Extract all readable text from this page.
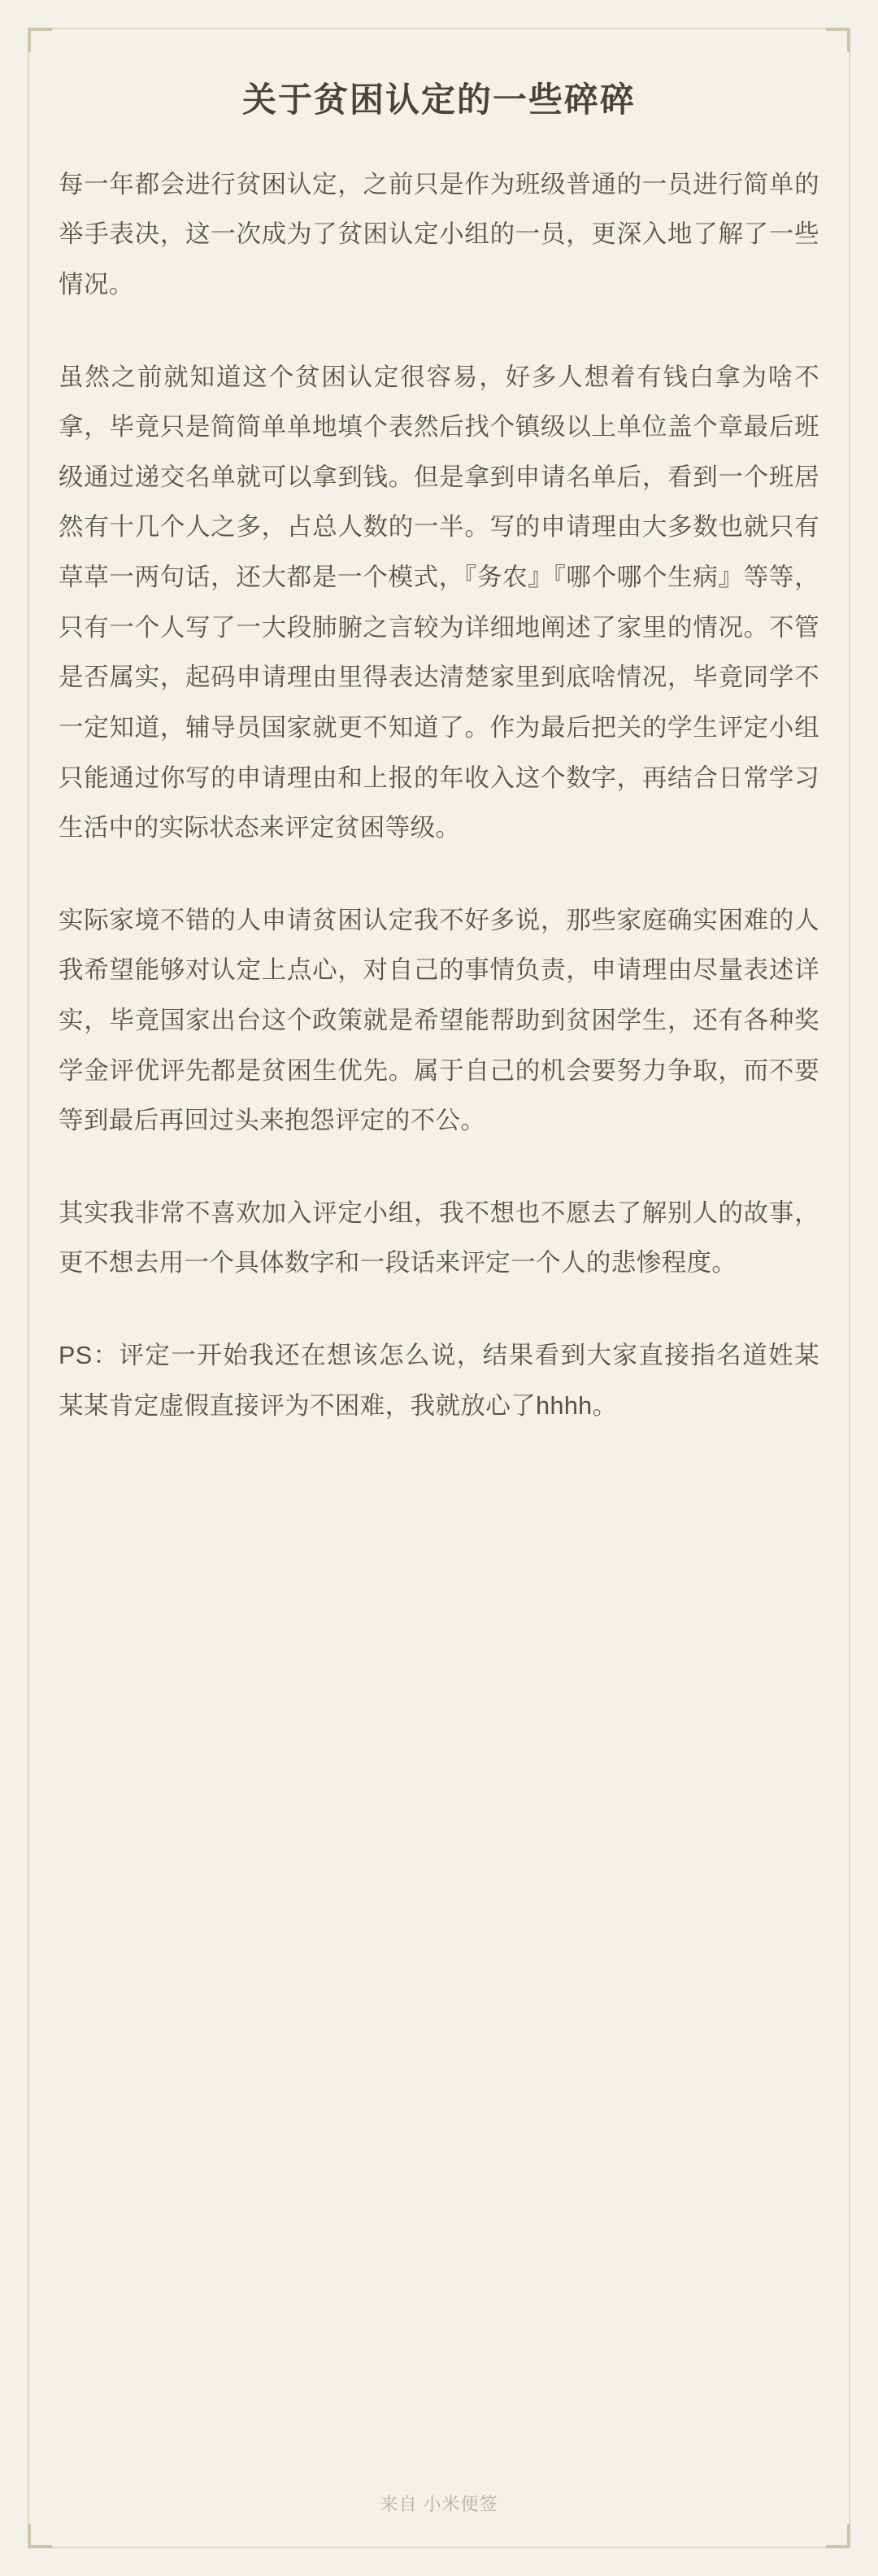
关于贫困认定的一些碎碎

每一年都会进行贫困认定，之前只是作为班级普通的一员进行简单的举手表决，这一次成为了贫困认定小组的一员，更深入地了解了一些情况。

虽然之前就知道这个贫困认定很容易，好多人想着有钱白拿为啥不拿，毕竟只是简简单单地填个表然后找个镇级以上单位盖个章最后班级通过递交名单就可以拿到钱。但是拿到申请名单后，看到一个班居然有十几个人之多，占总人数的一半。写的申请理由大多数也就只有草草一两句话，还大都是一个模式，『务农』『哪个哪个生病』等等，只有一个人写了一大段肺腑之言较为详细地阐述了家里的情况。不管是否属实，起码申请理由里得表达清楚家里到底啥情况，毕竟同学不一定知道，辅导员国家就更不知道了。作为最后把关的学生评定小组只能通过你写的申请理由和上报的年收入这个数字，再结合日常学习生活中的实际状态来评定贫困等级。

实际家境不错的人申请贫困认定我不好多说，那些家庭确实困难的人我希望能够对认定上点心，对自己的事情负责，申请理由尽量表述详实，毕竟国家出台这个政策就是希望能帮助到贫困学生，还有各种奖学金评优评先都是贫困生优先。属于自己的机会要努力争取，而不要等到最后再回过头来抱怨评定的不公。

其实我非常不喜欢加入评定小组，我不想也不愿去了解别人的故事，更不想去用一个具体数字和一段话来评定一个人的悲惨程度。

PS：评定一开始我还在想该怎么说，结果看到大家直接指名道姓某某某肯定虚假直接评为不困难，我就放心了hhhh。

来自 小米便签
